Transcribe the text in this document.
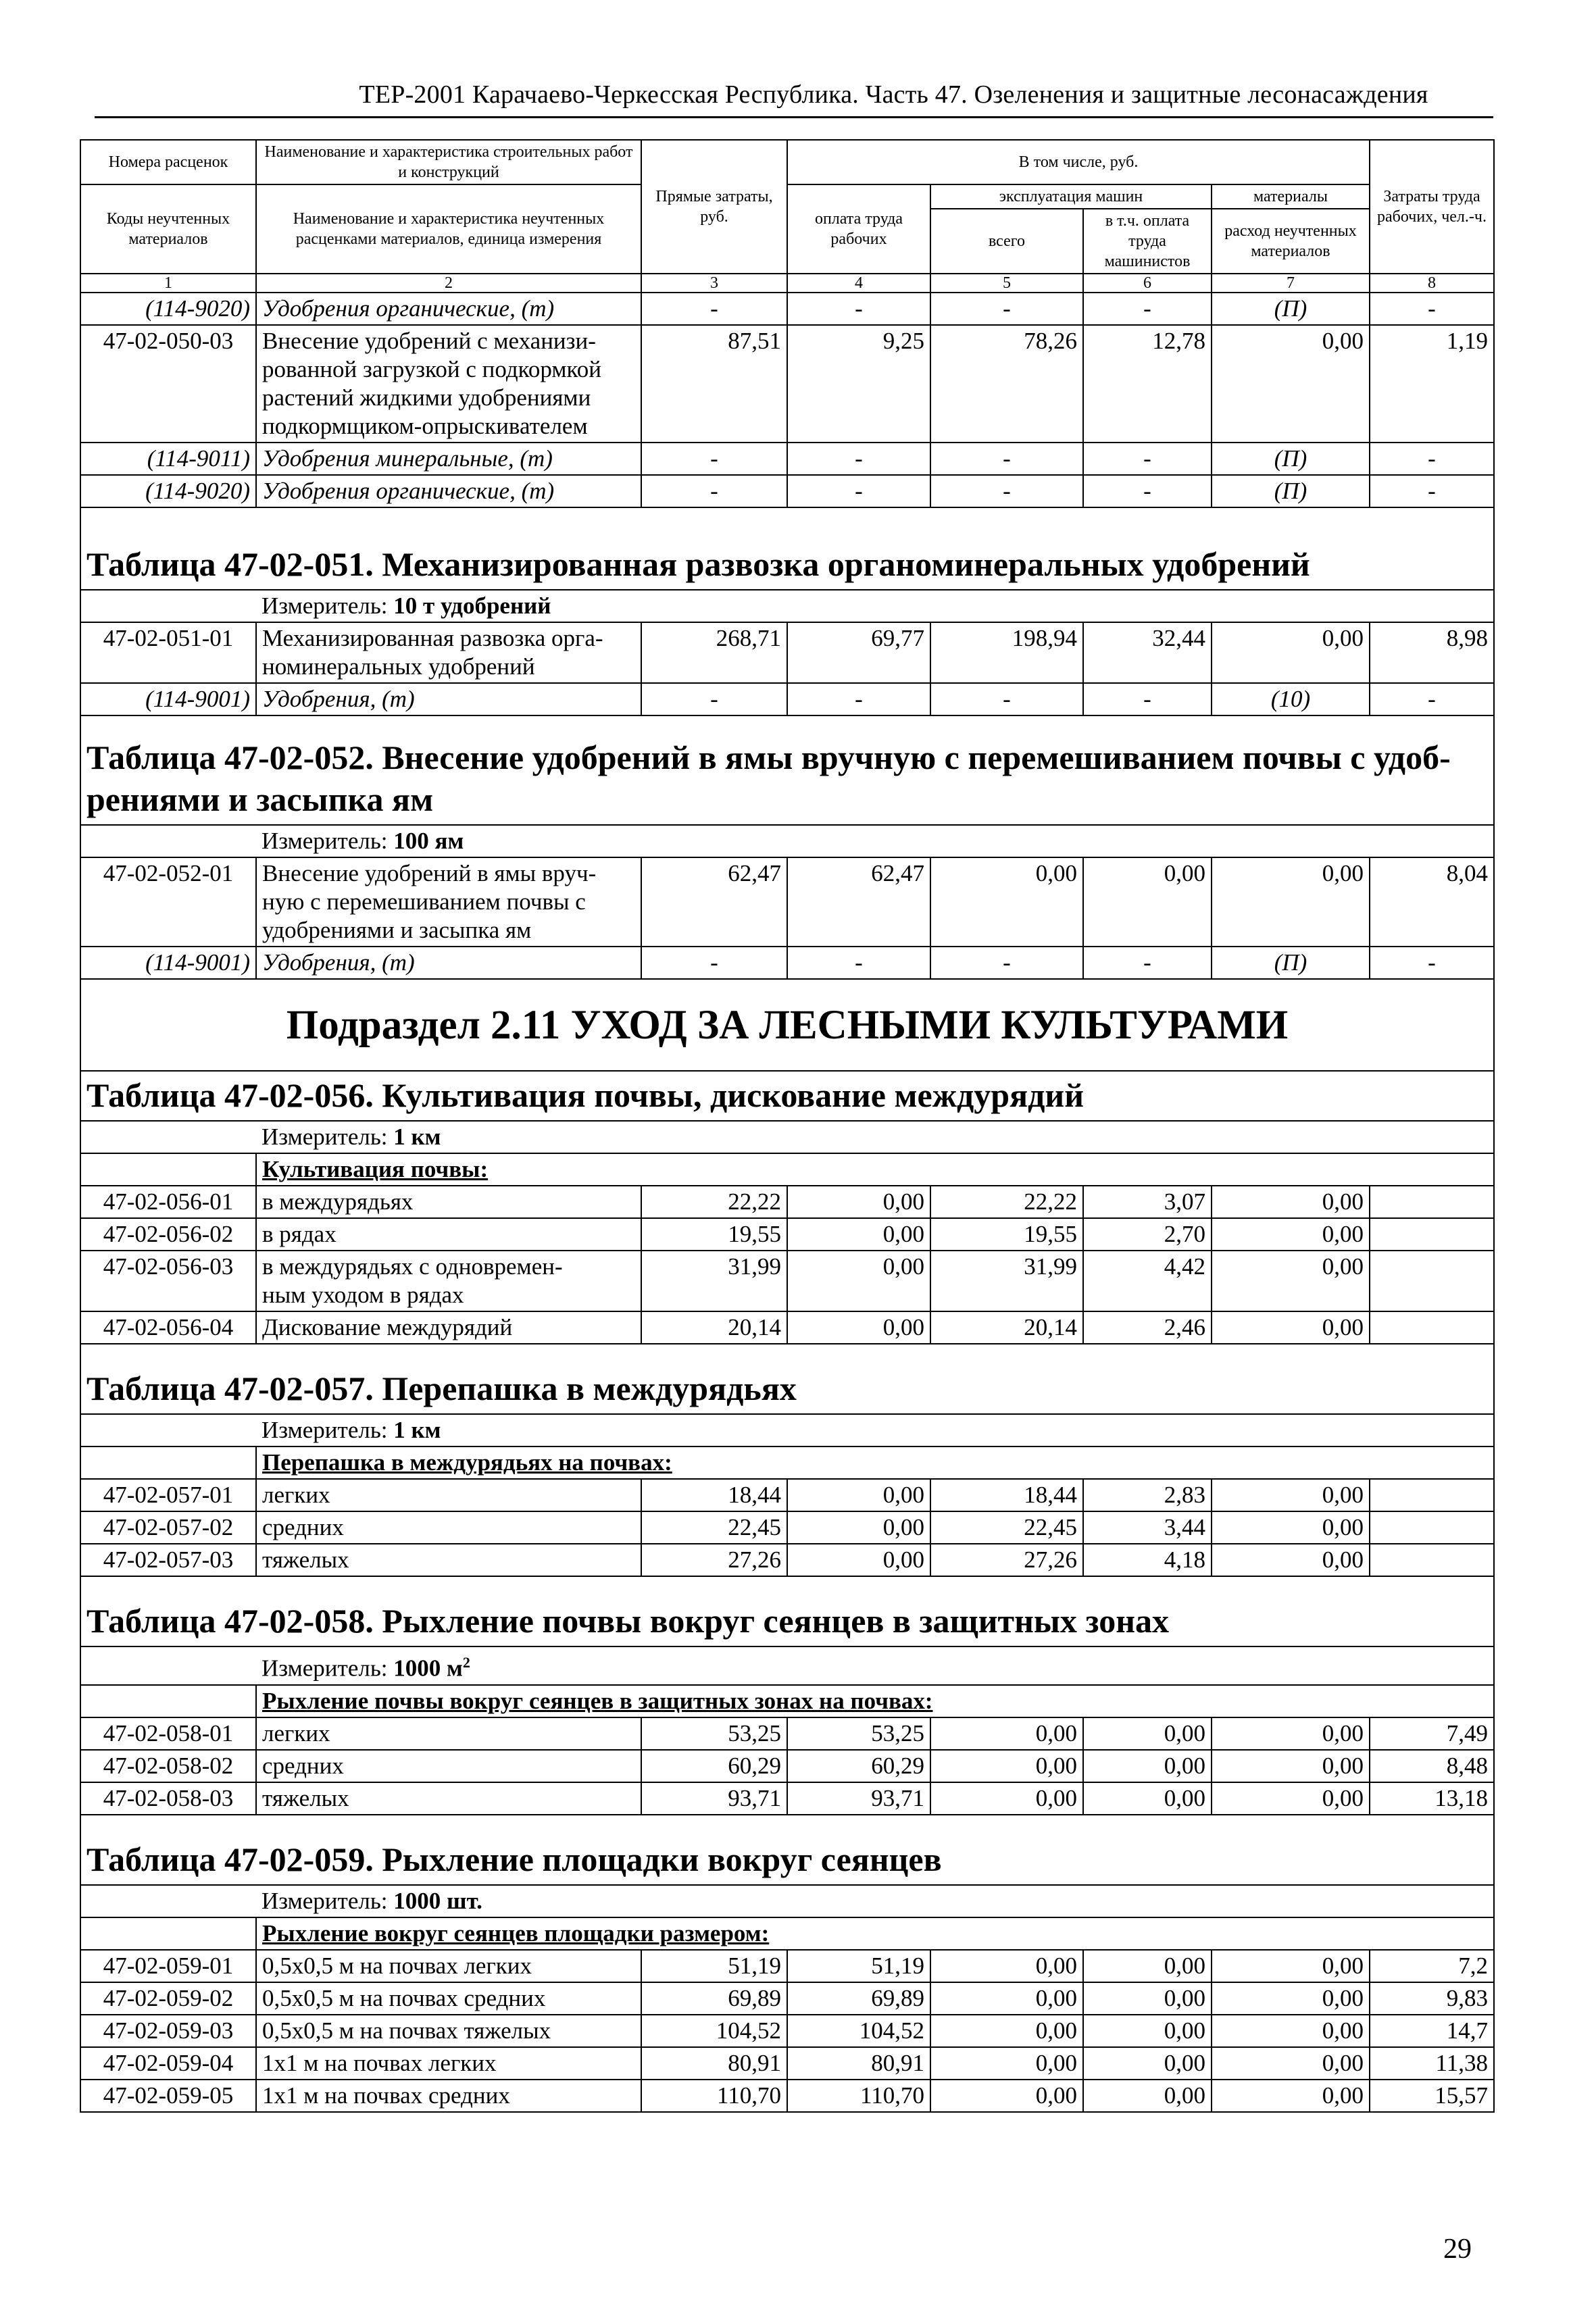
ТЕР-2001 Карачаево-Черкесская Республика. Часть 47. Озеленения и защитные лесонасаждения
Номера расценок	Наименование и характеристика строительных работ и конструкций	Прямые затраты, руб.	В том числе, руб.				Затраты труда рабочих, чел.-ч.
Коды неучтенных материалов	Наименование и характеристика неучтенных расценками материалов, единица измерения		оплата труда рабочих	эксплуатация машин		материалы	
				всего	в т.ч. оплата труда машинистов	расход неучтенных материалов	

1	2	3	4	5	6	7	8
(114-9020)	Удобрения органические, (т)	-	-	-	-	(П)	-
47-02-050-03	Внесение удобрений с механизи-
рованной загрузкой с подкормкой
растений жидкими удобрениями
подкормщиком-опрыскивателем	87,51	9,25	78,26	12,78	0,00	1,19
(114-9011)	Удобрения минеральные, (т)	-	-	-	-	(П)	-
(114-9020)	Удобрения органические, (т)	-	-	-	-	(П)	-
Таблица 47-02-051. Механизированная развозка органоминеральных удобрений							
	Измеритель: 10 т удобрений						
47-02-051-01	Механизированная развозка орга-
номинеральных удобрений	268,71	69,77	198,94	32,44	0,00	8,98
(114-9001)	Удобрения, (т)	-	-	-	-	(10)	-
Таблица 47-02-052. Внесение удобрений в ямы вручную с перемешиванием почвы с удоб-
рениями и засыпка ям							
	Измеритель: 100 ям						
47-02-052-01	Внесение удобрений в ямы вруч-
ную с перемешиванием почвы с
удобрениями и засыпка ям	62,47	62,47	0,00	0,00	0,00	8,04
(114-9001)	Удобрения, (т)	-	-	-	-	(П)	-
Подраздел 2.11 УХОД ЗА ЛЕСНЫМИ КУЛЬТУРАМИ							
Таблица 47-02-056. Культивация почвы, дискование междурядий							
	Измеритель: 1 км						
	Культивация почвы:						
47-02-056-01	в междурядьях	22,22	0,00	22,22	3,07	0,00	
47-02-056-02	в рядах	19,55	0,00	19,55	2,70	0,00	
47-02-056-03	в междурядьях с одновремен-
ным уходом в рядах	31,99	0,00	31,99	4,42	0,00	
47-02-056-04	Дискование междурядий	20,14	0,00	20,14	2,46	0,00	
Таблица 47-02-057. Перепашка в междурядьях							
	Измеритель: 1 км						
	Перепашка в междурядьях на почвах:						
47-02-057-01	легких	18,44	0,00	18,44	2,83	0,00	
47-02-057-02	средних	22,45	0,00	22,45	3,44	0,00	
47-02-057-03	тяжелых	27,26	0,00	27,26	4,18	0,00	
Таблица 47-02-058. Рыхление почвы вокруг сеянцев в защитных зонах							
	Измеритель: 1000 $м^2$
	Рыхление почвы вокруг сеянцев в защитных зонах на почвах:						
47-02-058-01	легких	53,25	53,25	0,00	0,00	0,00	7,49
47-02-058-02	средних	60,29	60,29	0,00	0,00	0,00	8,48
47-02-058-03	тяжелых	93,71	93,71	0,00	0,00	0,00	13,18
Таблица 47-02-059. Рыхление площадки вокруг сеянцев							
	Измеритель: 1000 шт.						
	Рыхление вокруг сеянцев площадки размером:						
47-02-059-01	0,5х0,5 м на почвах легких	51,19	51,19	0,00	0,00	0,00	7,2
47-02-059-02	0,5х0,5 м на почвах средних	69,89	69,89	0,00	0,00	0,00	9,83
47-02-059-03	0,5х0,5 м на почвах тяжелых	104,52	104,52	0,00	0,00	0,00	14,7
47-02-059-04	1х1 м на почвах легких	80,91	80,91	0,00	0,00	0,00	11,38
47-02-059-05	1х1 м на почвах средних	110,70	110,70	0,00	0,00	0,00	15,57
29
